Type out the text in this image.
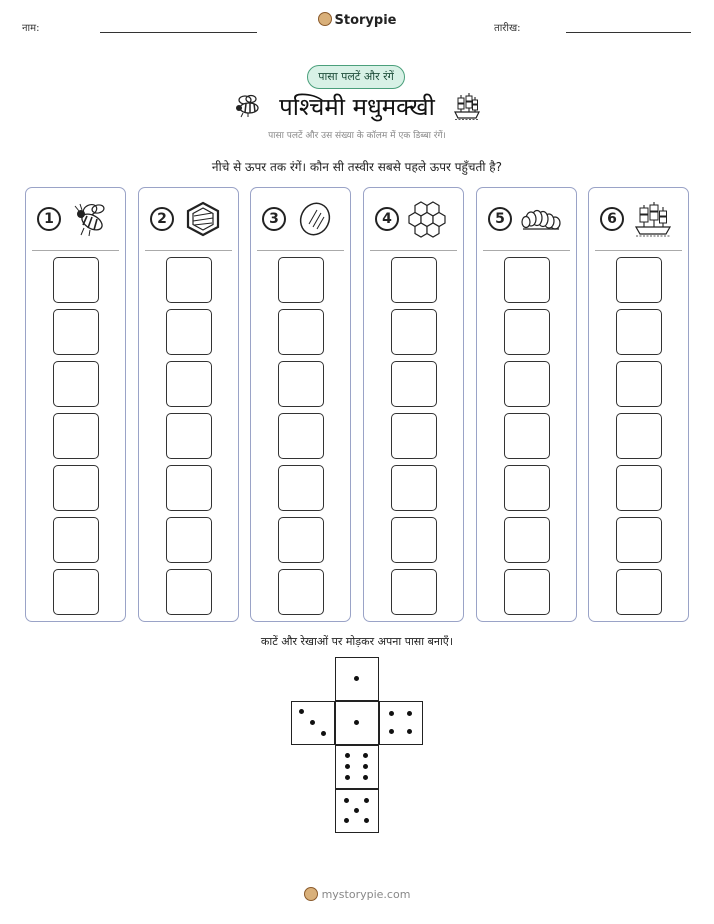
नाम:
Storypie
तारीख:
पासा पलटें और रंगें
पश्चिमी मधुमक्खी
पासा पलटें और उस संख्या के कॉलम में एक डिब्बा रंगें।
नीचे से ऊपर तक रंगें। कौन सी तस्वीर सबसे पहले ऊपर पहुँचती है?
1	2	3	4	5	6
काटें और रेखाओं पर मोड़कर अपना पासा बनाएँ।
mystorypie.com
